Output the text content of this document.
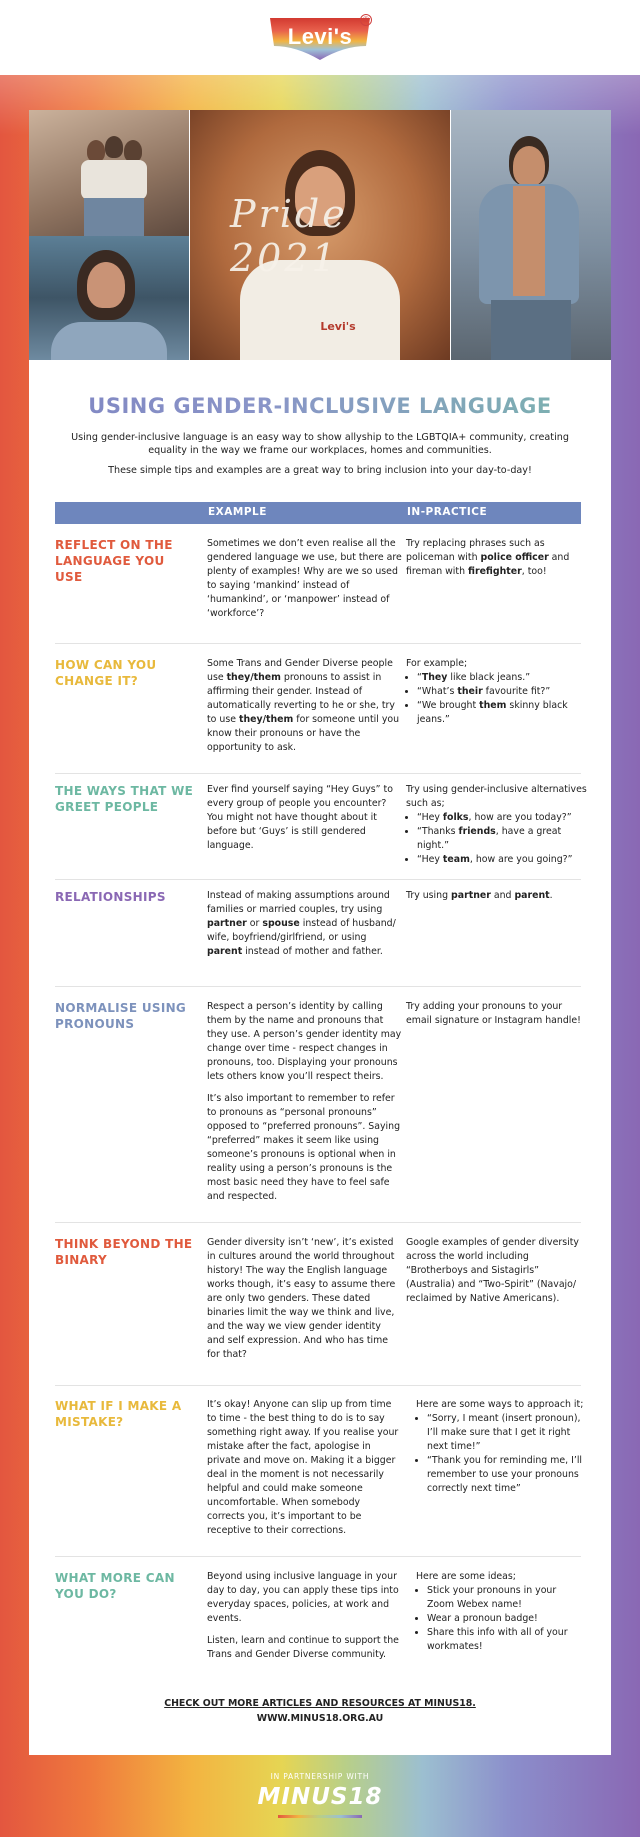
Levi's
®
Levi's
Pride 2021
USING GENDER-INCLUSIVE LANGUAGE
Using gender-inclusive language is an easy way to show allyship to the LGBTQIA+ community, creating equality in the way we frame our workplaces, homes and communities.
These simple tips and examples are a great way to bring inclusion into your day-to-day!
EXAMPLE	IN-PRACTICE
REFLECT ON THE LANGUAGE YOU USE
Sometimes we don’t even realise all the gendered language we use, but there are plenty of examples! Why are we so used to saying ‘mankind’ instead of ‘humankind’, or ‘manpower’ instead of ‘workforce’?
Try replacing phrases such as policeman with police officer and fireman with firefighter, too!
HOW CAN YOU CHANGE IT?
Some Trans and Gender Diverse people use they/them pronouns to assist in affirming their gender. Instead of automatically reverting to he or she, try to use they/them for someone until you know their pronouns or have the opportunity to ask.
For example;
• “They like black jeans.”
• “What’s their favourite fit?”
• “We brought them skinny black jeans.”
THE WAYS THAT WE GREET PEOPLE
Ever find yourself saying “Hey Guys” to every group of people you encounter? You might not have thought about it before but ‘Guys’ is still gendered language.
Try using gender-inclusive alternatives such as;
• “Hey folks, how are you today?”
• “Thanks friends, have a great night.”
• “Hey team, how are you going?”
RELATIONSHIPS	Instead of making assumptions around families or married couples, try using partner or spouse instead of husband/ wife, boyfriend/girlfriend, or using parent instead of mother and father.
Try using partner and parent.
NORMALISE USING PRONOUNS

Respect a person’s identity by calling them by the name and pronouns that they use. A person’s gender identity may change over time - respect changes in pronouns, too. Displaying your pronouns lets others know you’ll respect theirs.

It’s also important to remember to refer to pronouns as “personal pronouns” opposed to “preferred pronouns”. Saying “preferred” makes it seem like using someone’s pronouns is optional when in reality using a person’s pronouns is the most basic need they have to feel safe and respected.

Try adding your pronouns to your email signature or Instagram handle!
THINK BEYOND THE BINARY
Gender diversity isn’t ‘new’, it’s existed in cultures around the world throughout history! The way the English language works though, it’s easy to assume there are only two genders. These dated binaries limit the way we think and live, and the way we view gender identity and self expression. And who has time for that?
Google examples of gender diversity across the world including “Brotherboys and Sistagirls” (Australia) and “Two-Spirit” (Navajo/ reclaimed by Native Americans).
WHAT IF I MAKE A MISTAKE?
It’s okay! Anyone can slip up from time to time - the best thing to do is to say something right away. If you realise your mistake after the fact, apologise in private and move on. Making it a bigger deal in the moment is not necessarily helpful and could make someone uncomfortable. When somebody corrects you, it’s important to be receptive to their corrections.
Here are some ways to approach it;
• “Sorry, I meant (insert pronoun), I’ll make sure that I get it right next time!”
• “Thank you for reminding me, I’ll remember to use your pronouns correctly next time”
WHAT MORE CAN YOU DO?

Beyond using inclusive language in your day to day, you can apply these tips into everyday spaces, policies, at work and events.

Listen, learn and continue to support the Trans and Gender Diverse community.

Here are some ideas;
• Stick your pronouns in your Zoom Webex name!
• Wear a pronoun badge!
• Share this info with all of your workmates!
CHECK OUT MORE ARTICLES AND RESOURCES AT MINUS18.
WWW.MINUS18.ORG.AU
IN PARTNERSHIP WITH
MINUS18
